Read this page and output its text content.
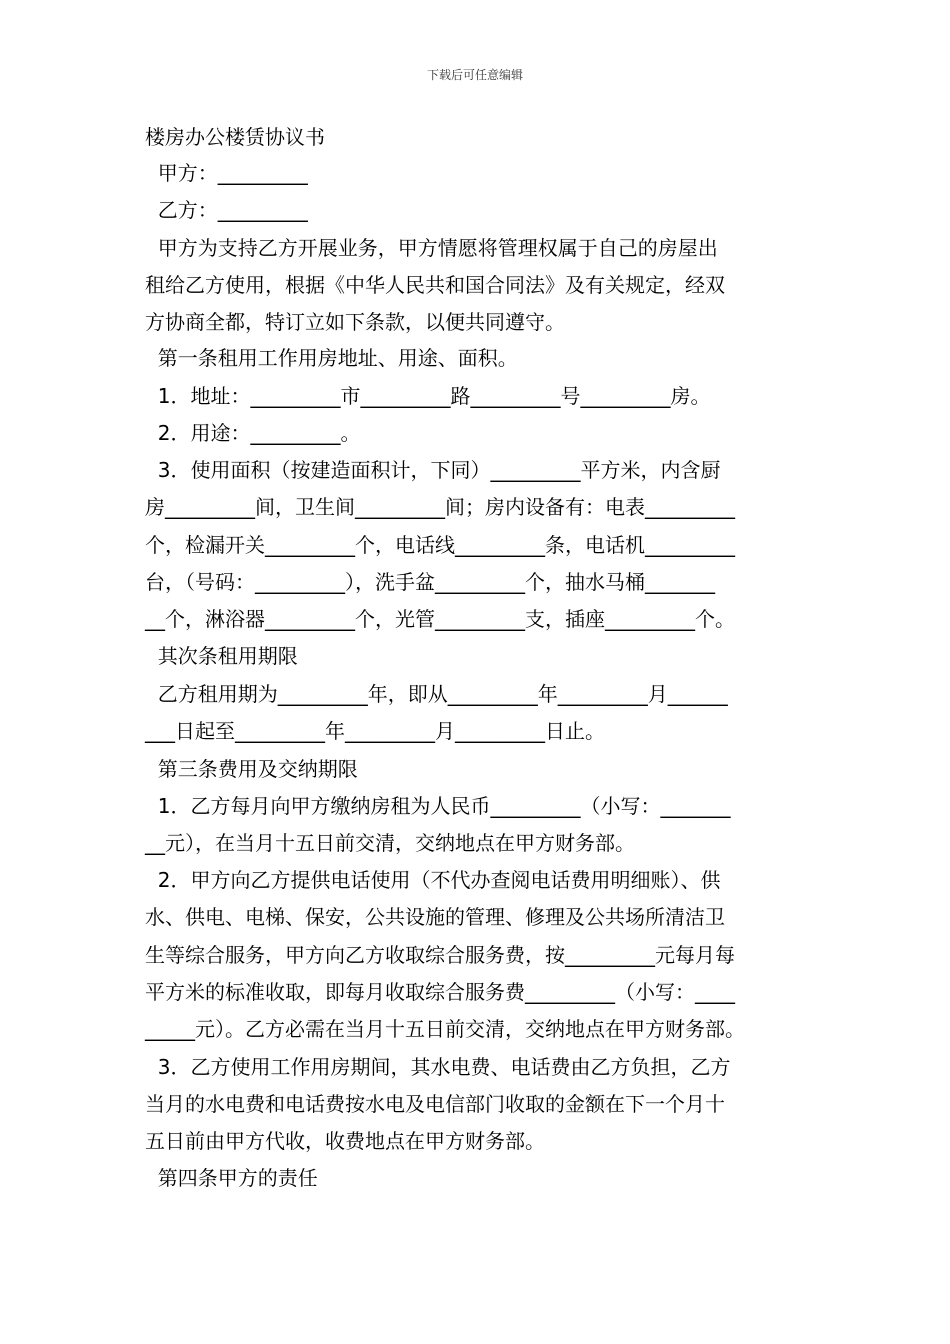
下载后可任意编辑
楼房办公楼赁协议书
甲方：_________
乙方：_________
甲方为支持乙方开展业务，甲方情愿将管理权属于自己的房屋出
租给乙方使用，根据《中华人民共和国合同法》及有关规定，经双
方协商全都，特订立如下条款，以便共同遵守。
第一条租用工作用房地址、用途、面积。
1．地址：_________市_________路_________号_________房。
2．用途：_________。
3．使用面积（按建造面积计，下同）_________平方米，内含厨
房_________间，卫生间_________间；房内设备有：电表_________
个，检漏开关_________个，电话线_________条，电话机_________
台，（号码：_________），洗手盆_________个，抽水马桶_______
__个，淋浴器_________个，光管_________支，插座_________个。
其次条租用期限
乙方租用期为_________年，即从_________年_________月______
___日起至_________年_________月_________日止。
第三条费用及交纳期限
1．乙方每月向甲方缴纳房租为人民币_________（小写：_______
__元），在当月十五日前交清，交纳地点在甲方财务部。
2．甲方向乙方提供电话使用（不代办查阅电话费用明细账）、供
水、供电、电梯、保安，公共设施的管理、修理及公共场所清洁卫
生等综合服务，甲方向乙方收取综合服务费，按_________元每月每
平方米的标准收取，即每月收取综合服务费_________（小写：____
_____元）。乙方必需在当月十五日前交清，交纳地点在甲方财务部。
3．乙方使用工作用房期间，其水电费、电话费由乙方负担，乙方
当月的水电费和电话费按水电及电信部门收取的金额在下一个月十
五日前由甲方代收，收费地点在甲方财务部。
第四条甲方的责任
